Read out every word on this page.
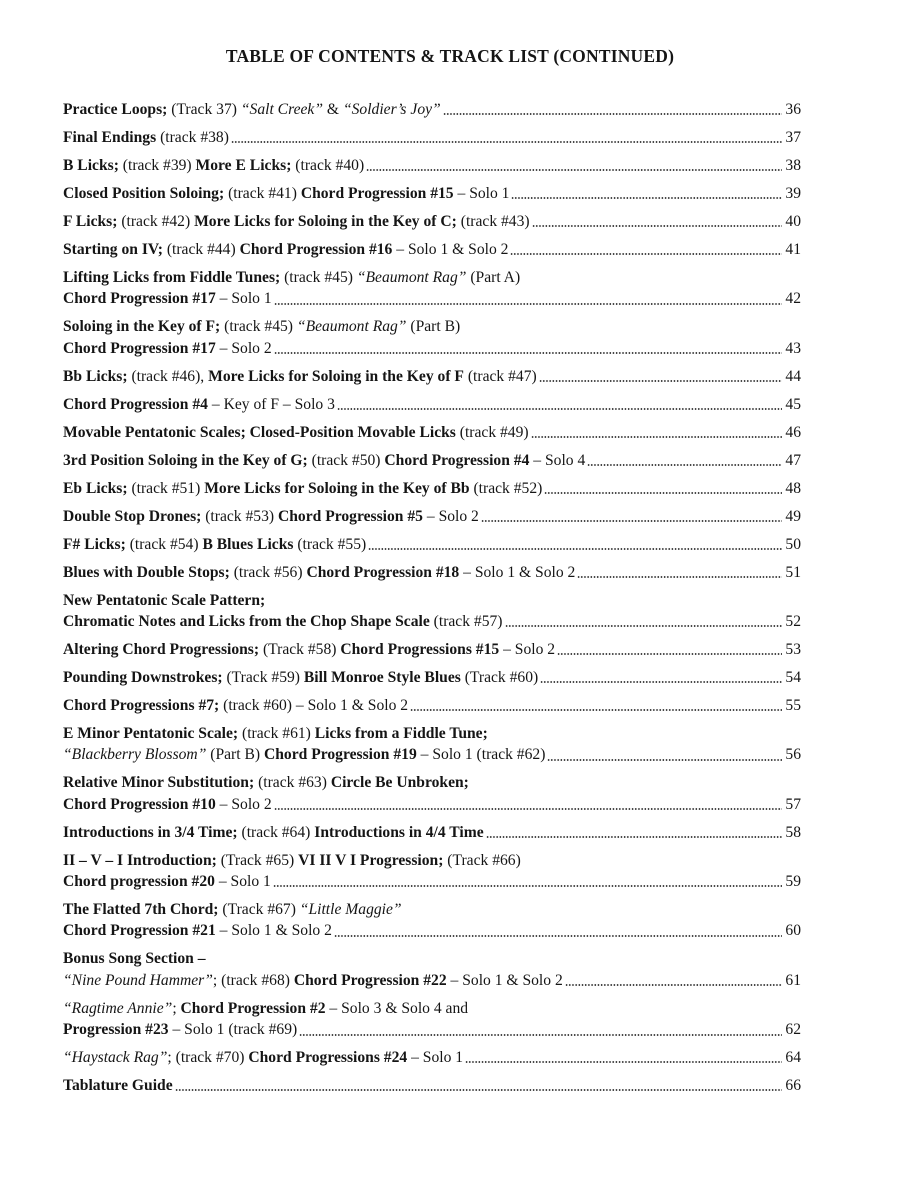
TABLE OF CONTENTS & TRACK LIST (CONTINUED)
Practice Loops; (Track 37) “Salt Creek” & “Soldier’s Joy”	36
Final Endings (track #38)	37
B Licks; (track #39) More E Licks; (track #40)	38
Closed Position Soloing; (track #41) Chord Progression #15 – Solo 1	39
F Licks; (track #42) More Licks for Soloing in the Key of C; (track #43)	40
Starting on IV; (track #44) Chord Progression #16 – Solo 1 & Solo 2	41
Lifting Licks from Fiddle Tunes; (track #45) “Beaumont Rag” (Part A)
Chord Progression #17 – Solo 1	42
Soloing in the Key of F; (track #45) “Beaumont Rag” (Part B)
Chord Progression #17 – Solo 2	43
Bb Licks; (track #46), More Licks for Soloing in the Key of F (track #47)	44
Chord Progression #4 – Key of F – Solo 3	45
Movable Pentatonic Scales; Closed-Position Movable Licks (track #49)	46
3rd Position Soloing in the Key of G; (track #50) Chord Progression #4 – Solo 4	47
Eb Licks; (track #51) More Licks for Soloing in the Key of Bb (track #52)	48
Double Stop Drones; (track #53) Chord Progression #5 – Solo 2	49
F# Licks; (track #54) B Blues Licks (track #55)	50
Blues with Double Stops; (track #56) Chord Progression #18 – Solo 1 & Solo 2	51
New Pentatonic Scale Pattern;
Chromatic Notes and Licks from the Chop Shape Scale (track #57)	52
Altering Chord Progressions; (Track #58) Chord Progressions #15 – Solo 2	53
Pounding Downstrokes; (Track #59) Bill Monroe Style Blues (Track #60)	54
Chord Progressions #7; (track #60) – Solo 1 & Solo 2	55
E Minor Pentatonic Scale; (track #61) Licks from a Fiddle Tune;
“Blackberry Blossom” (Part B) Chord Progression #19 – Solo 1 (track #62)	56
Relative Minor Substitution; (track #63) Circle Be Unbroken;
Chord Progression #10 – Solo 2	57
Introductions in 3/4 Time; (track #64) Introductions in 4/4 Time	58
II – V – I Introduction; (Track #65) VI II V I Progression; (Track #66)
Chord progression #20 – Solo 1	59
The Flatted 7th Chord; (Track #67) “Little Maggie”
Chord Progression #21 – Solo 1 & Solo 2	60
Bonus Song Section –
“Nine Pound Hammer”; (track #68) Chord Progression #22 – Solo 1 & Solo 2	61
“Ragtime Annie”; Chord Progression #2 – Solo 3 & Solo 4 and
Progression #23 – Solo 1 (track #69)	62
“Haystack Rag”; (track #70) Chord Progressions #24 – Solo 1	64
Tablature Guide	66
